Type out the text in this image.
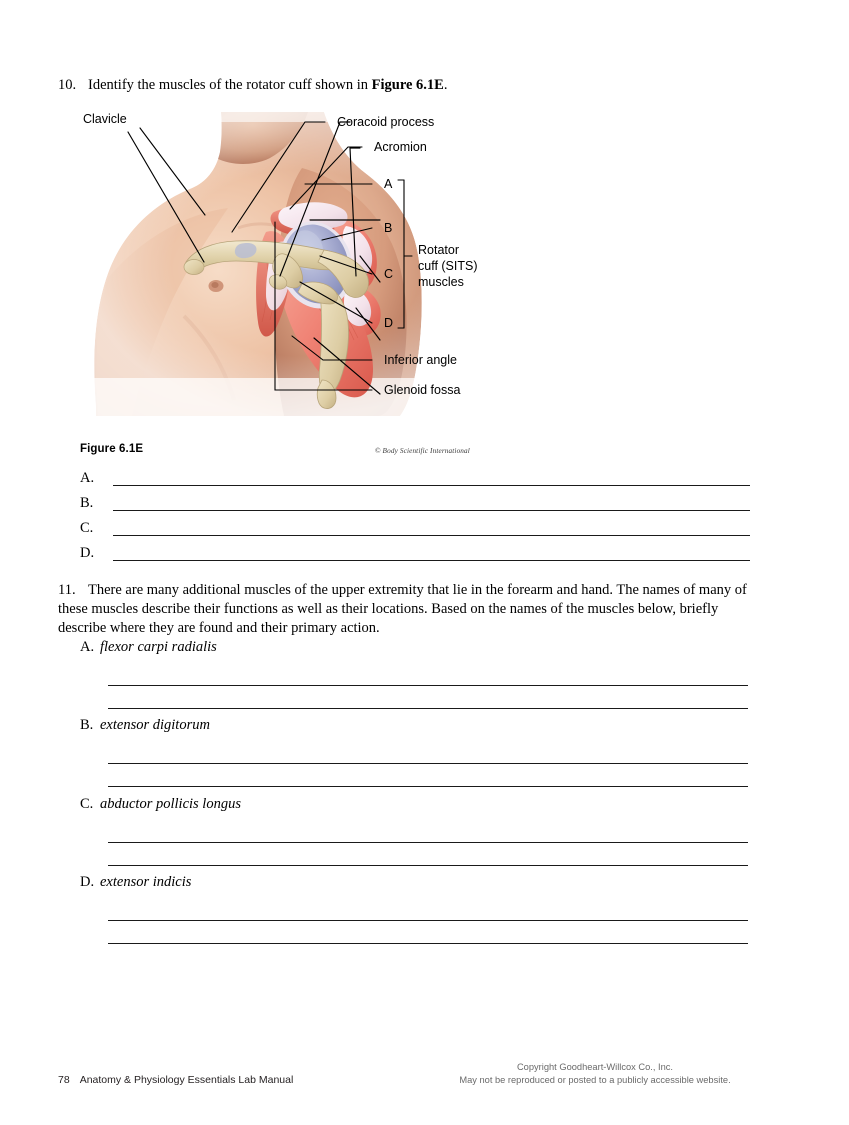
10. Identify the muscles of the rotator cuff shown in Figure 6.1E.
Clavicle	Coracoid process
Acromion
A
B
C
D
Rotator
cuff (SITS)
muscles
Inferior angle
Glenoid fossa
Figure 6.1E	© Body Scientific International
A.
B.
C.
D.
11. There are many additional muscles of the upper extremity that lie in the forearm and hand. The names of many of these muscles describe their functions as well as their locations. Based on the names of the muscles below, briefly describe where they are found and their primary action.
A. flexor carpi radialis
B. extensor digitorum
C. abductor pollicis longus
D. extensor indicis
78 Anatomy & Physiology Essentials Lab Manual
Copyright Goodheart-Willcox Co., Inc.
May not be reproduced or posted to a publicly accessible website.
